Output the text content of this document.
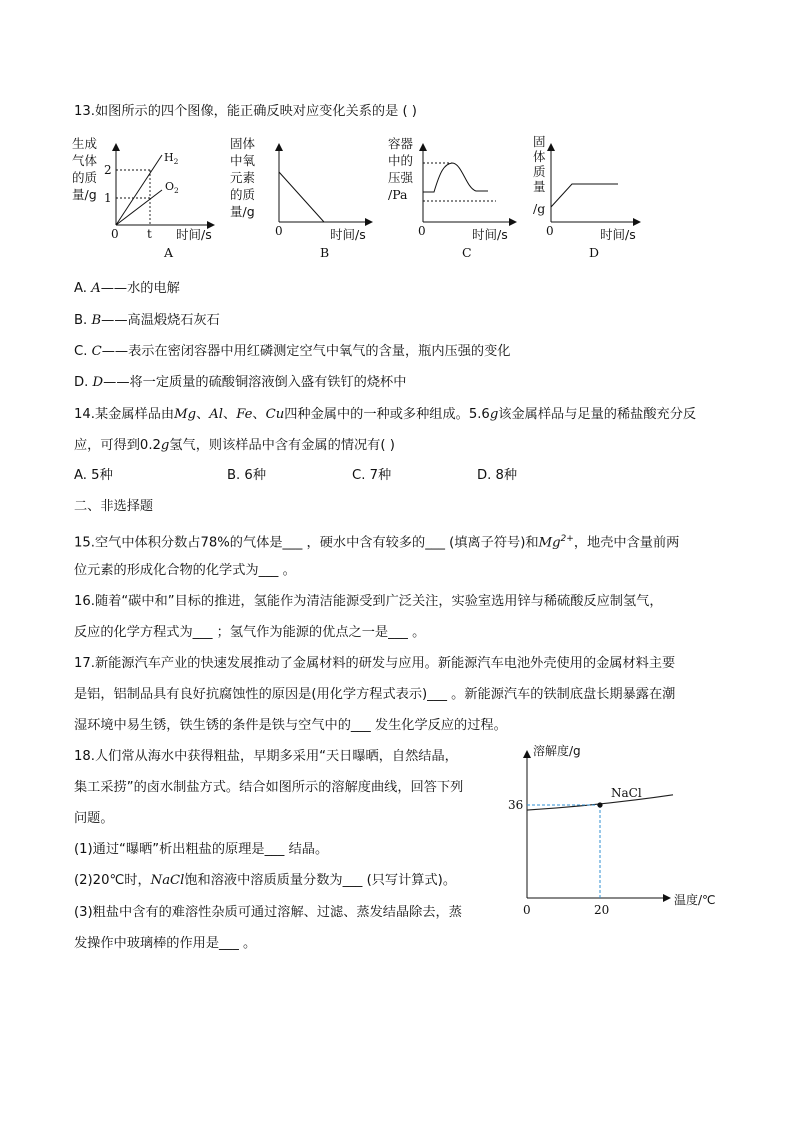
13.如图所示的四个图像，能正确反映对应变化关系的是 ( )
生成
气体
的质
量/g
2
1
0 t
$H_2$
$O_2$
时间/s
A
固体
中氧
元素
的质
量/g
0	时间/s
B
容器
中的
压强
/Pa
0	时间/s
C
固
体
质
量
/g
0	时间/s
D
A. A——水的电解
B. B——高温煅烧石灰石
C. C——表示在密闭容器中用红磷测定空气中氧气的含量，瓶内压强的变化
D. D——将一定质量的硫酸铜溶液倒入盛有铁钉的烧杯中
14.某金属样品由Mg、Al、Fe、Cu四种金属中的一种或多种组成。5.6g该金属样品与足量的稀盐酸充分反
应，可得到0.2g氢气，则该样品中含有金属的情况有( )
A. 5种	B. 6种	C. 7种	D. 8种
二、非选择题
15.空气中体积分数占78%的气体是___ ，硬水中含有较多的___ (填离子符号)和$Mg^{2+}$，地壳中含量前两
位元素的形成化合物的化学式为___ 。
16.随着“碳中和”目标的推进，氢能作为清洁能源受到广泛关注，实验室选用锌与稀硫酸反应制氢气，
反应的化学方程式为___ ；氢气作为能源的优点之一是___ 。
17.新能源汽车产业的快速发展推动了金属材料的研发与应用。新能源汽车电池外壳使用的金属材料主要
是铝，铝制品具有良好抗腐蚀性的原因是(用化学方程式表示)___ 。新能源汽车的铁制底盘长期暴露在潮
湿环境中易生锈，铁生锈的条件是铁与空气中的___ 发生化学反应的过程。
18.人们常从海水中获得粗盐，早期多采用“天日曝晒，自然结晶，
集工采捞”的卤水制盐方式。结合如图所示的溶解度曲线，回答下列
问题。
(1)通过“曝晒”析出粗盐的原理是___ 结晶。
(2)20℃时，NaCl饱和溶液中溶质质量分数为___ (只写计算式)。
(3)粗盐中含有的难溶性杂质可通过溶解、过滤、蒸发结晶除去，蒸
发操作中玻璃棒的作用是___ 。
溶解度/g
温度/℃
NaCl
36
0	20
